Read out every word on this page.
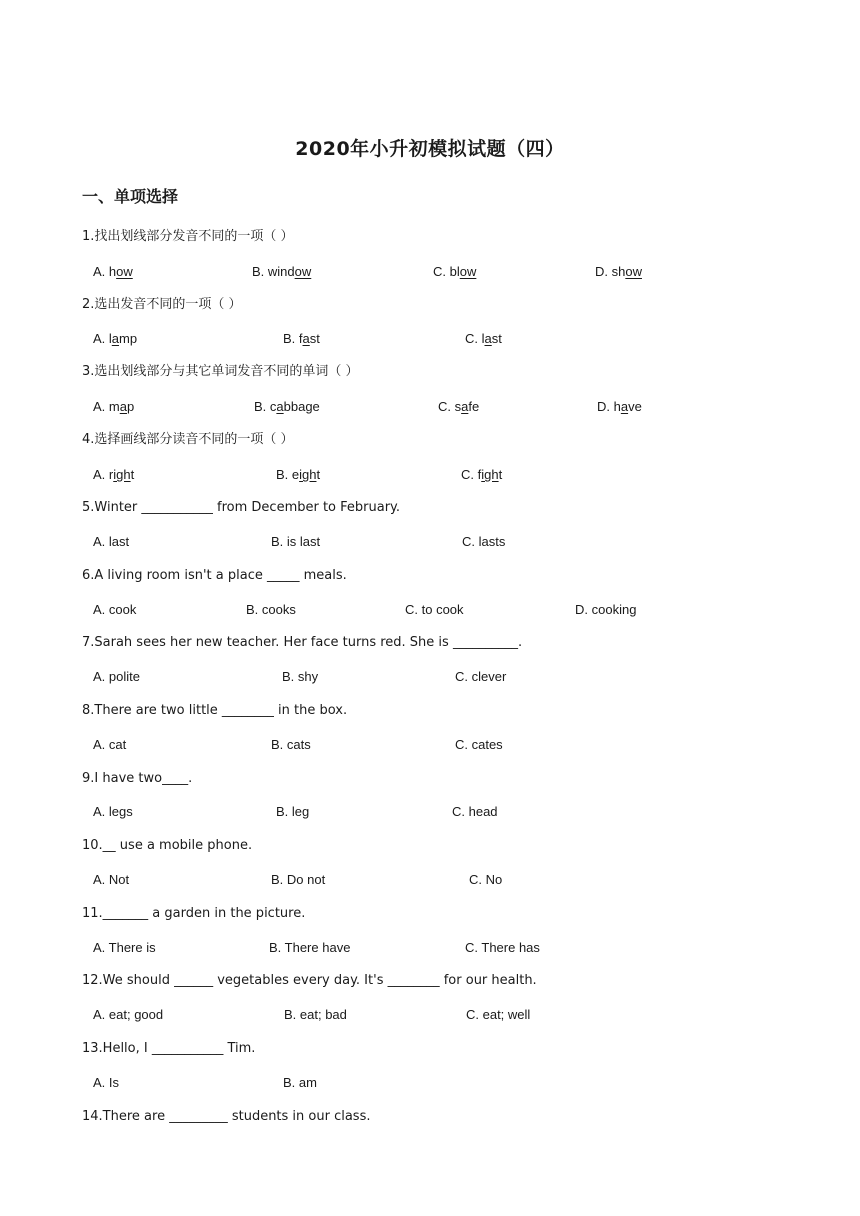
2020年小升初模拟试题（四）
一、单项选择
1.找出划线部分发音不同的一项（ ）
A. how	B. window	C. blow	D. show
2.选出发音不同的一项（ ）
A. lamp	B. fast	C. last
3.选出划线部分与其它单词发音不同的单词（ ）
A. map	B. cabbage	C. safe	D. have
4.选择画线部分读音不同的一项（ ）
A. right	B. eight	C. fight
5.Winter ___________ from December to February.
A. last	B. is last	C. lasts
6.A living room isn't a place _____ meals.
A. cook	B. cooks	C. to cook	D. cooking
7.Sarah sees her new teacher. Her face turns red. She is __________.
A. polite	B. shy	C. clever
8.There are two little ________ in the box.
A. cat	B. cats	C. cates
9.I have two____.
A. legs	B. leg	C. head
10.__ use a mobile phone.
A. Not	B. Do not	C. No
11._______ a garden in the picture.
A. There is	B. There have	C. There has
12.We should ______ vegetables every day. It's ________ for our health.
A. eat; good	B. eat; bad	C. eat; well
13.Hello, I ___________ Tim.
A. Is	B. am
14.There are _________ students in our class.
